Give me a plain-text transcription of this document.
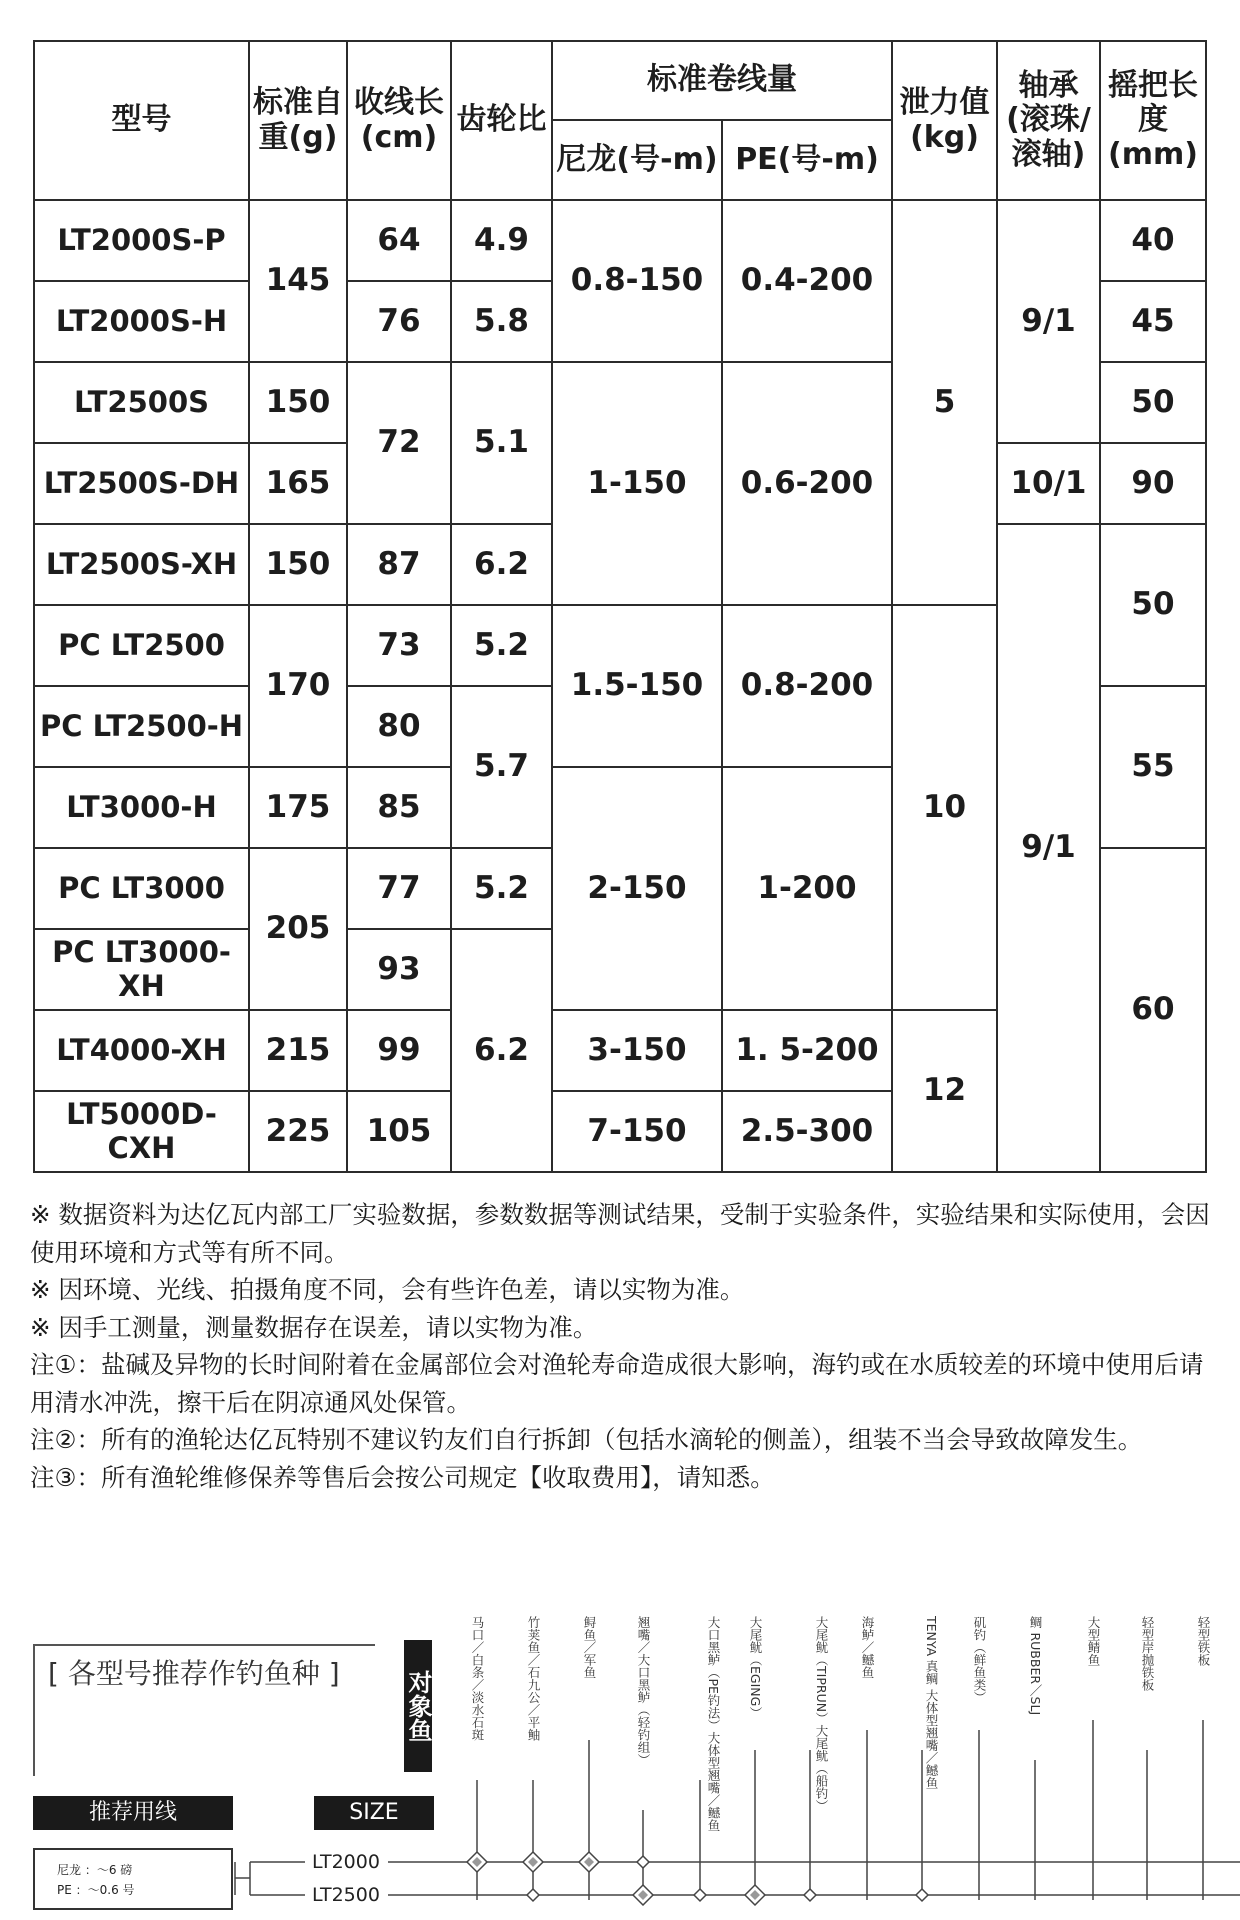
型号	标准自重(g)	收线长(cm)	齿轮比	标准卷线量		泄力值(kg)	轴承(滚珠/滚轴)	摇把长度(mm)
				尼龙(号-m)	PE(号-m)			
LT2000S-P	145	64	4.9	0.8-150	0.4-200	5	9/1	40
LT2000S-H		76	5.8					45
LT2500S	150	72	5.1	1-150	0.6-200			50
LT2500S-DH	165						10/1	90
LT2500S-XH	150	87	6.2				9/1	50
PC LT2500	170	73	5.2	1.5-150	0.8-200	10		
PC LT2500-H		80	5.7					55
LT3000-H	175	85		2-150	1-200			
PC LT3000	205	77	5.2					60
PC LT3000-XH		93	6.2					
LT4000-XH	215	99		3-150	1. 5-200	12		
LT5000D-CXH	225	105		7-150	2.5-300			

※ 数据资料为达亿瓦内部工厂实验数据，参数数据等测试结果，受制于实验条件，实验结果和实际使用，会因使用环境和方式等有所不同。

※ 因环境、光线、拍摄角度不同，会有些许色差，请以实物为准。

※ 因手工测量，测量数据存在误差，请以实物为准。

注①：盐碱及异物的长时间附着在金属部位会对渔轮寿命造成很大影响，海钓或在水质较差的环境中使用后请用清水冲洗，擦干后在阴凉通风处保管。

注②：所有的渔轮达亿瓦特别不建议钓友们自行拆卸（包括水滴轮的侧盖），组装不当会导致故障发生。

注③：所有渔轮维修保养等售后会按公司规定【收取费用】，请知悉。

[ 各型号推荐作钓鱼种 ]	对象鱼
推荐用线	SIZE
尼龙 ：～6 磅
PE ：～0.6 号
LT2000
LT2500
马口／白条／淡水石斑	竹荚鱼／石九公／平鲉	鲟鱼／军鱼	翘嘴／大口黑鲈（轻钓组）	大口黑鲈（PE钓法）大体型翘嘴／鳡鱼 大尾鱿（EGING）	大尾鱿（TIPRUN）大尾鱿（船钓） 海鲈／鳡鱼	TENYA 真鲷 大体型翘嘴／鳡鱼	矶钓（鲜鱼类）	鲷 RUBBER／SLJ	大型鲭鱼	轻型岸抛铁板	轻型铁板
